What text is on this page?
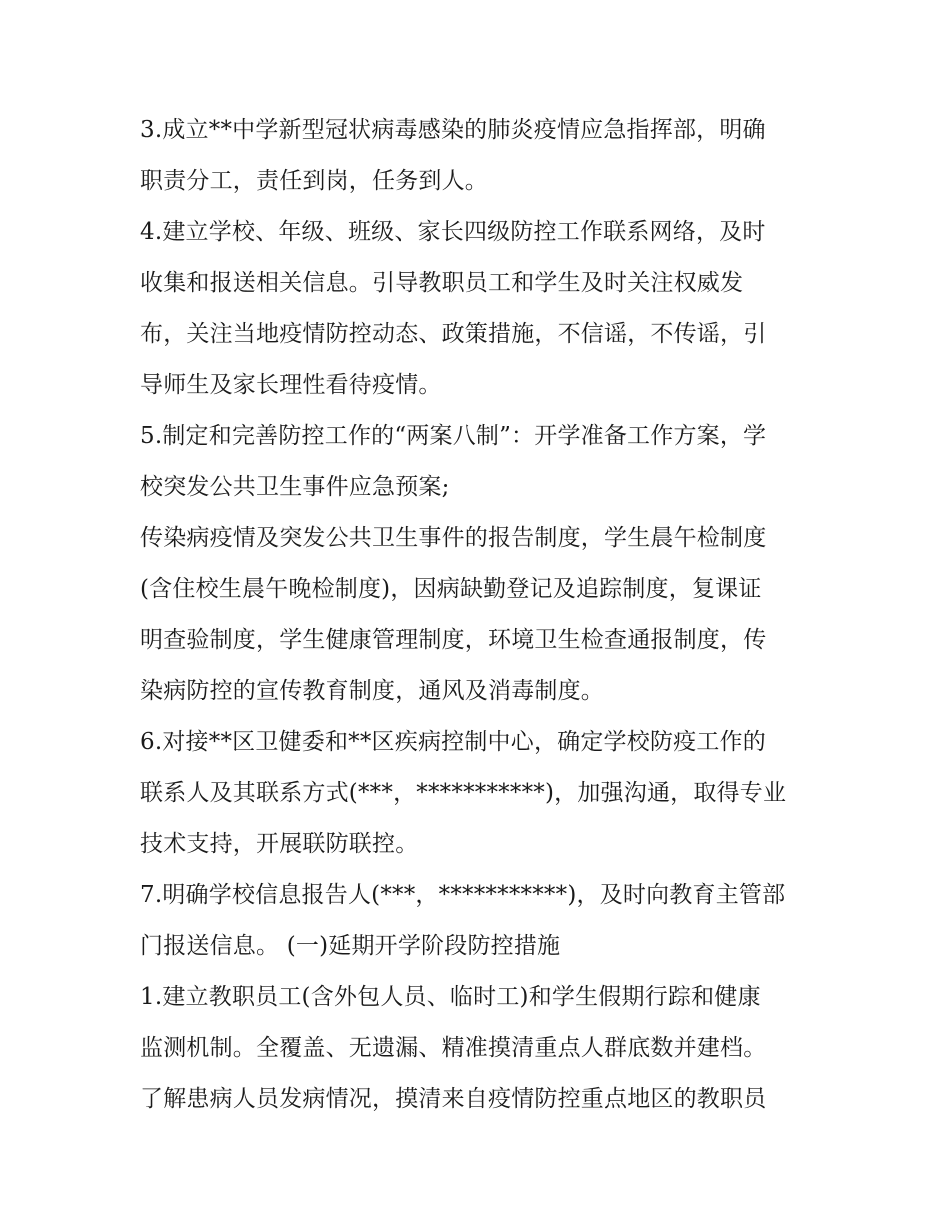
3.成立**中学新型冠状病毒感染的肺炎疫情应急指挥部，明确
职责分工，责任到岗，任务到人。
4.建立学校、年级、班级、家长四级防控工作联系网络，及时
收集和报送相关信息。引导教职员工和学生及时关注权威发
布，关注当地疫情防控动态、政策措施，不信谣，不传谣，引
导师生及家长理性看待疫情。
5.制定和完善防控工作的“两案八制”：开学准备工作方案，学
校突发公共卫生事件应急预案;
传染病疫情及突发公共卫生事件的报告制度，学生晨午检制度
(含住校生晨午晚检制度)，因病缺勤登记及追踪制度，复课证
明查验制度，学生健康管理制度，环境卫生检查通报制度，传
染病防控的宣传教育制度，通风及消毒制度。
6.对接**区卫健委和**区疾病控制中心，确定学校防疫工作的
联系人及其联系方式(***，***********)，加强沟通，取得专业
技术支持，开展联防联控。
7.明确学校信息报告人(***，***********)，及时向教育主管部
门报送信息。 (一)延期开学阶段防控措施
1.建立教职员工(含外包人员、临时工)和学生假期行踪和健康
监测机制。全覆盖、无遗漏、精准摸清重点人群底数并建档。
了解患病人员发病情况，摸清来自疫情防控重点地区的教职员
